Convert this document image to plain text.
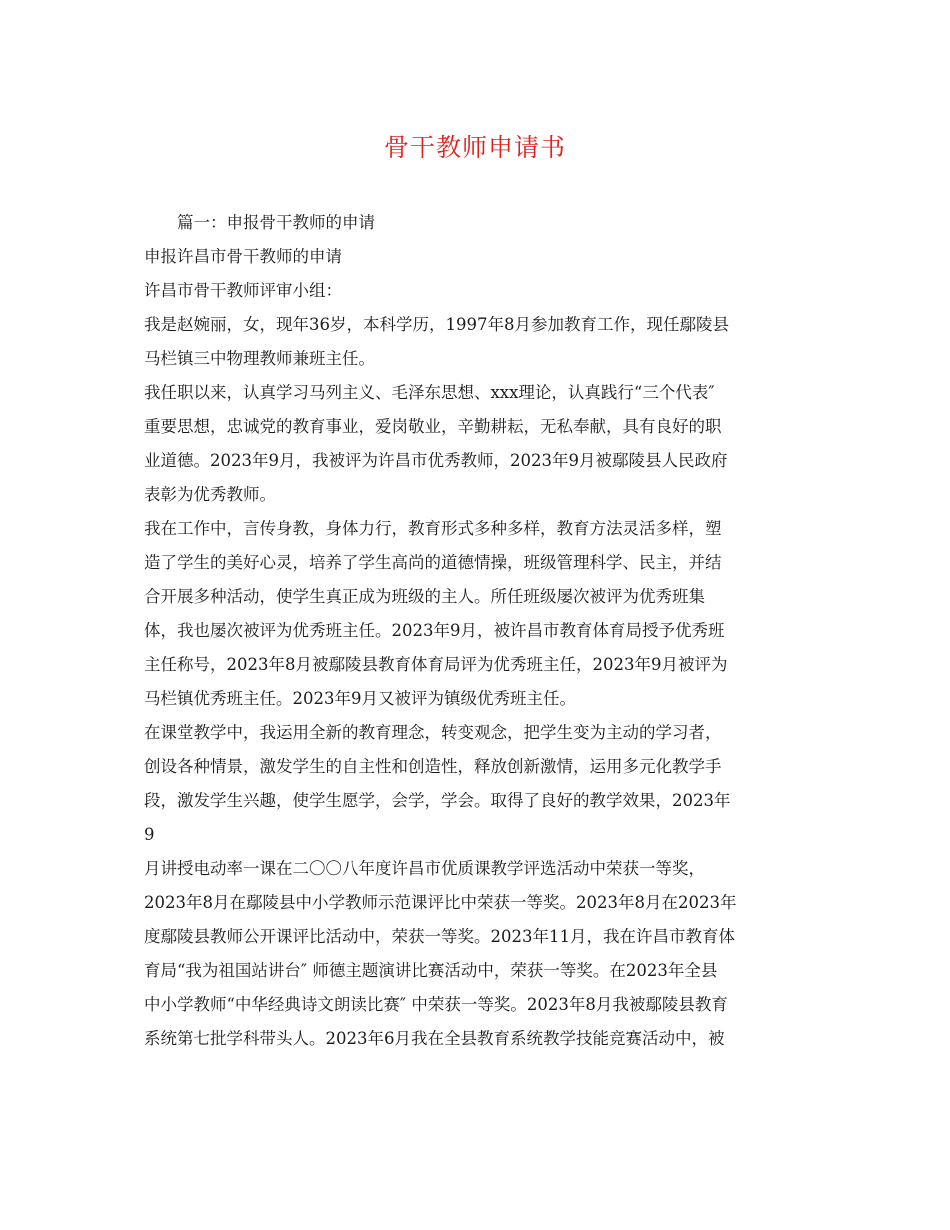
骨干教师申请书
篇一：申报骨干教师的申请
申报许昌市骨干教师的申请
许昌市骨干教师评审小组：
我是赵婉丽，女，现年36岁，本科学历，1997年8月参加教育工作，现任鄢陵县
马栏镇三中物理教师兼班主任。
我任职以来，认真学习马列主义、毛泽东思想、xxx理论，认真践行“三个代表″
重要思想，忠诚党的教育事业，爱岗敬业，辛勤耕耘，无私奉献，具有良好的职
业道德。2023年9月，我被评为许昌市优秀教师，2023年9月被鄢陵县人民政府
表彰为优秀教师。
我在工作中，言传身教，身体力行，教育形式多种多样，教育方法灵活多样，塑
造了学生的美好心灵，培养了学生高尚的道德情操，班级管理科学、民主，并结
合开展多种活动，使学生真正成为班级的主人。所任班级屡次被评为优秀班集
体，我也屡次被评为优秀班主任。2023年9月，被许昌市教育体育局授予优秀班
主任称号，2023年8月被鄢陵县教育体育局评为优秀班主任，2023年9月被评为
马栏镇优秀班主任。2023年9月又被评为镇级优秀班主任。
在课堂教学中，我运用全新的教育理念，转变观念，把学生变为主动的学习者，
创设各种情景，激发学生的自主性和创造性，释放创新激情，运用多元化教学手
段，激发学生兴趣，使学生愿学，会学，学会。取得了良好的教学效果，2023年
9
月讲授电动率一课在二〇〇八年度许昌市优质课教学评选活动中荣获一等奖，
2023年8月在鄢陵县中小学教师示范课评比中荣获一等奖。2023年8月在2023年
度鄢陵县教师公开课评比活动中，荣获一等奖。2023年11月，我在许昌市教育体
育局“我为祖国站讲台″ 师德主题演讲比赛活动中，荣获一等奖。在2023年全县
中小学教师“中华经典诗文朗读比赛″ 中荣获一等奖。2023年8月我被鄢陵县教育
系统第七批学科带头人。2023年6月我在全县教育系统教学技能竞赛活动中，被
